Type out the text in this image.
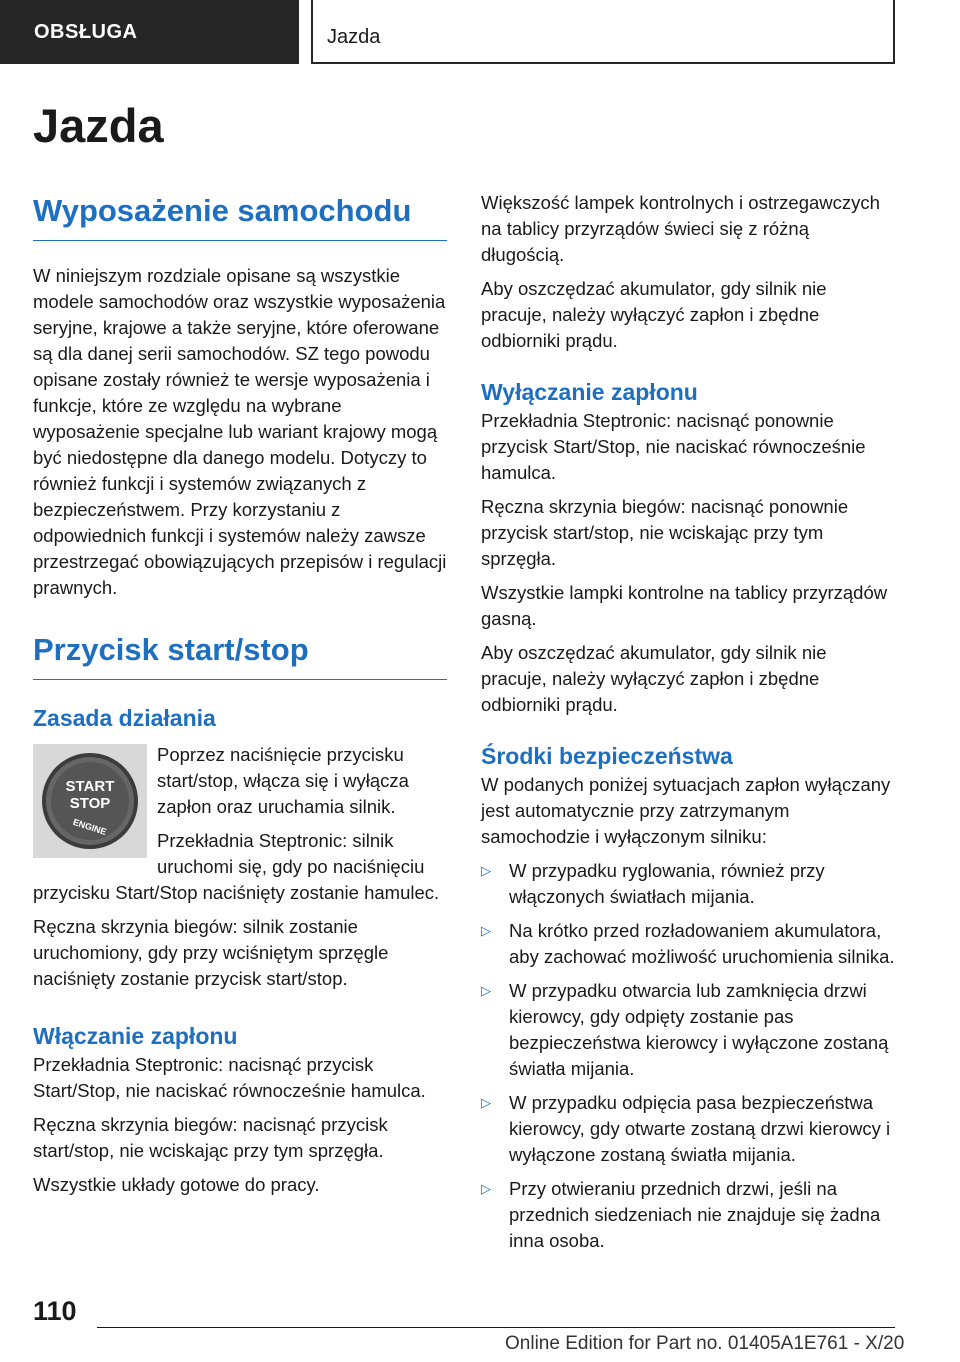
OBSŁUGA	Jazda
Jazda
Wyposażenie samochodu

W niniejszym rozdziale opisane są wszystkie modele samochodów oraz wszystkie wyposażenia seryjne, krajowe a także seryjne, które oferowane są dla danej serii samochodów. SZ tego powodu opisane zostały również te wersje wyposażenia i funkcje, które ze względu na wybrane wyposażenie specjalne lub wariant krajowy mogą być niedostępne dla danego modelu. Dotyczy to również funkcji i systemów związanych z bezpieczeństwem. Przy korzystaniu z odpowiednich funkcji i systemów należy zawsze przestrzegać obowiązujących przepisów i regulacji prawnych.

Przycisk start/stop
Zasada działania
START
STOP
ENGINE

Poprzez naciśnięcie przycisku start/stop, włącza się i wyłącza zapłon oraz uruchamia silnik.

Przekładnia Steptronic: silnik uruchomi się, gdy po naciśnięciu przycisku Start/Stop naciśnięty zostanie hamulec.

Ręczna skrzynia biegów: silnik zostanie uruchomiony, gdy przy wciśniętym sprzęgle naciśnięty zostanie przycisk start/stop.

Włączanie zapłonu

Przekładnia Steptronic: nacisnąć przycisk Start/Stop, nie naciskać równocześnie hamulca.

Ręczna skrzynia biegów: nacisnąć przycisk start/stop, nie wciskając przy tym sprzęgła.

Wszystkie układy gotowe do pracy.

Większość lampek kontrolnych i ostrzegawczych na tablicy przyrządów świeci się z różną długością.

Aby oszczędzać akumulator, gdy silnik nie pracuje, należy wyłączyć zapłon i zbędne odbiorniki prądu.

Wyłączanie zapłonu

Przekładnia Steptronic: nacisnąć ponownie przycisk Start/Stop, nie naciskać równocześnie hamulca.

Ręczna skrzynia biegów: nacisnąć ponownie przycisk start/stop, nie wciskając przy tym sprzęgła.

Wszystkie lampki kontrolne na tablicy przyrządów gasną.

Aby oszczędzać akumulator, gdy silnik nie pracuje, należy wyłączyć zapłon i zbędne odbiorniki prądu.

Środki bezpieczeństwa

W podanych poniżej sytuacjach zapłon wyłączany jest automatycznie przy zatrzymanym samochodzie i wyłączonym silniku:

▷ W przypadku ryglowania, również przy włączonych światłach mijania.
▷ Na krótko przed rozładowaniem akumulatora, aby zachować możliwość uruchomienia silnika.
▷ W przypadku otwarcia lub zamknięcia drzwi kierowcy, gdy odpięty zostanie pas bezpieczeństwa kierowcy i wyłączone zostaną światła mijania.
▷ W przypadku odpięcia pasa bezpieczeństwa kierowcy, gdy otwarte zostaną drzwi kierowcy i wyłączone zostaną światła mijania.
▷ Przy otwieraniu przednich drzwi, jeśli na przednich siedzeniach nie znajduje się żadna inna osoba.
110
Online Edition for Part no. 01405A1E761 - X/20
